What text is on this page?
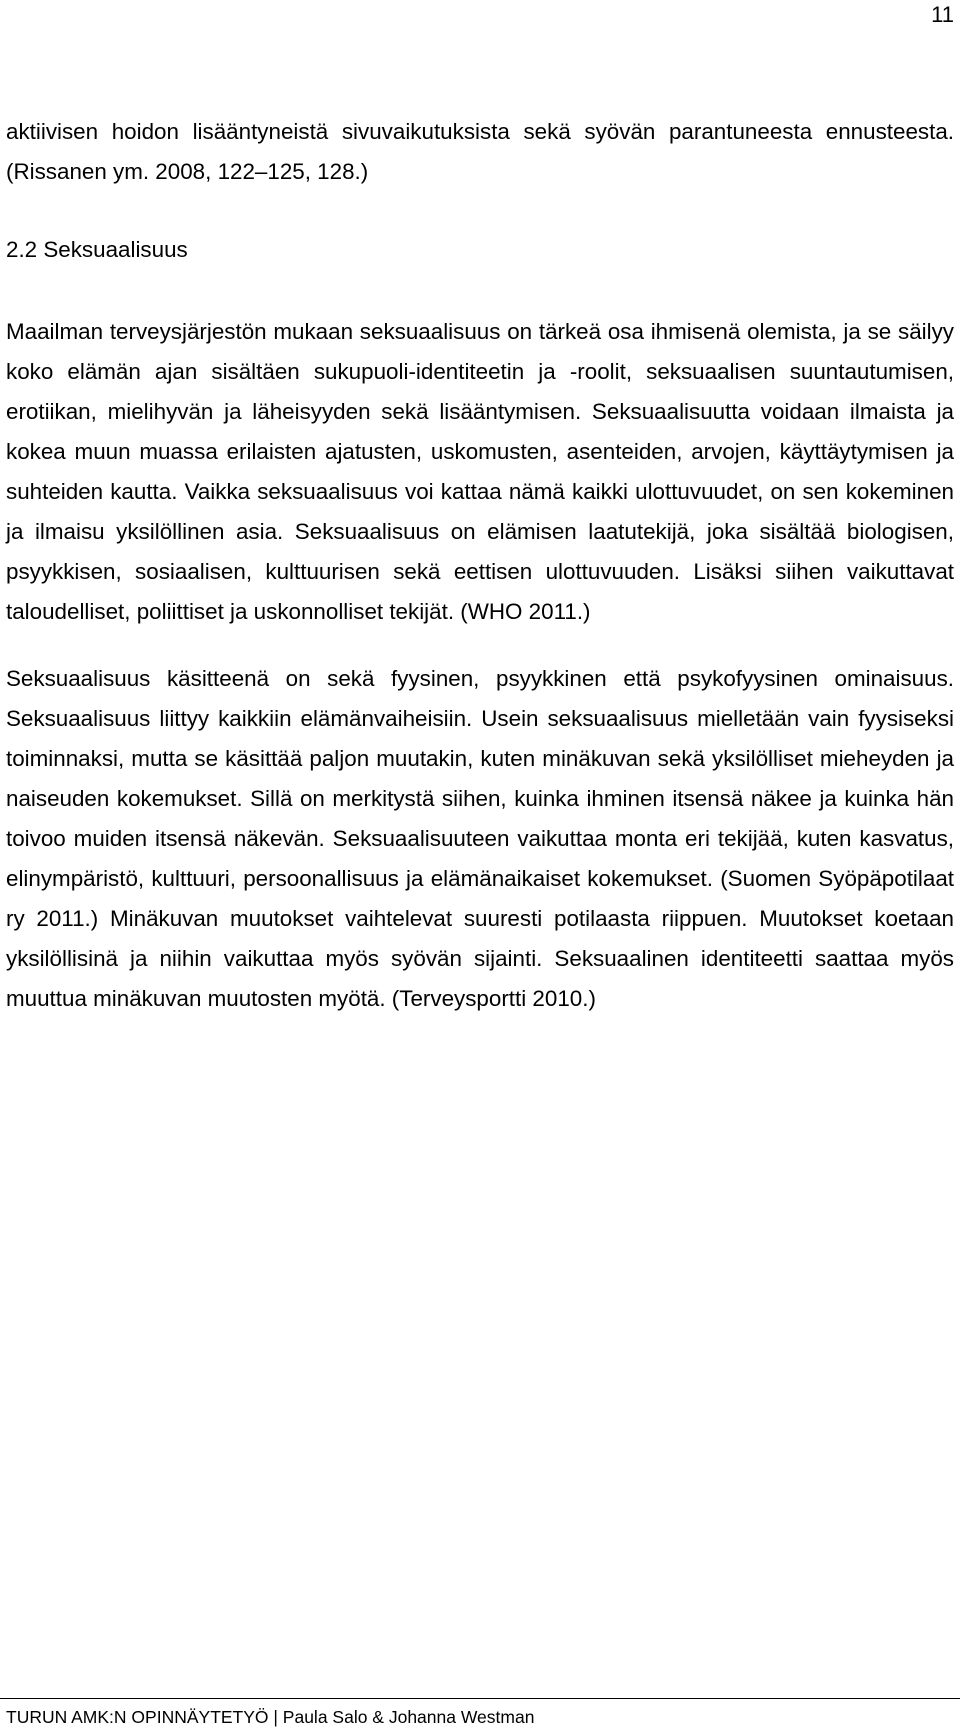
11

aktiivisen hoidon lisääntyneistä sivuvaikutuksista sekä syövän parantuneesta ennusteesta. (Rissanen ym. 2008, 122–125, 128.)

2.2 Seksuaalisuus

Maailman terveysjärjestön mukaan seksuaalisuus on tärkeä osa ihmisenä olemista, ja se säilyy koko elämän ajan sisältäen sukupuoli-identiteetin ja -roolit, seksuaalisen suuntautumisen, erotiikan, mielihyvän ja läheisyyden sekä lisääntymisen. Seksuaalisuutta voidaan ilmaista ja kokea muun muassa erilaisten ajatusten, uskomusten, asenteiden, arvojen, käyttäytymisen ja suhteiden kautta. Vaikka seksuaalisuus voi kattaa nämä kaikki ulottuvuudet, on sen kokeminen ja ilmaisu yksilöllinen asia. Seksuaalisuus on elämisen laatutekijä, joka sisältää biologisen, psyykkisen, sosiaalisen, kulttuurisen sekä eettisen ulottuvuuden. Lisäksi siihen vaikuttavat taloudelliset, poliittiset ja uskonnolliset tekijät. (WHO 2011.)

Seksuaalisuus käsitteenä on sekä fyysinen, psyykkinen että psykofyysinen ominaisuus. Seksuaalisuus liittyy kaikkiin elämänvaiheisiin. Usein seksuaalisuus mielletään vain fyysiseksi toiminnaksi, mutta se käsittää paljon muutakin, kuten minäkuvan sekä yksilölliset mieheyden ja naiseuden kokemukset. Sillä on merkitystä siihen, kuinka ihminen itsensä näkee ja kuinka hän toivoo muiden itsensä näkevän. Seksuaalisuuteen vaikuttaa monta eri tekijää, kuten kasvatus, elinympäristö, kulttuuri, persoonallisuus ja elämänaikaiset kokemukset. (Suomen Syöpäpotilaat ry 2011.) Minäkuvan muutokset vaihtelevat suuresti potilaasta riippuen. Muutokset koetaan yksilöllisinä ja niihin vaikuttaa myös syövän sijainti. Seksuaalinen identiteetti saattaa myös muuttua minäkuvan muutosten myötä. (Terveysportti 2010.)

TURUN AMK:N OPINNÄYTETYÖ | Paula Salo & Johanna Westman
